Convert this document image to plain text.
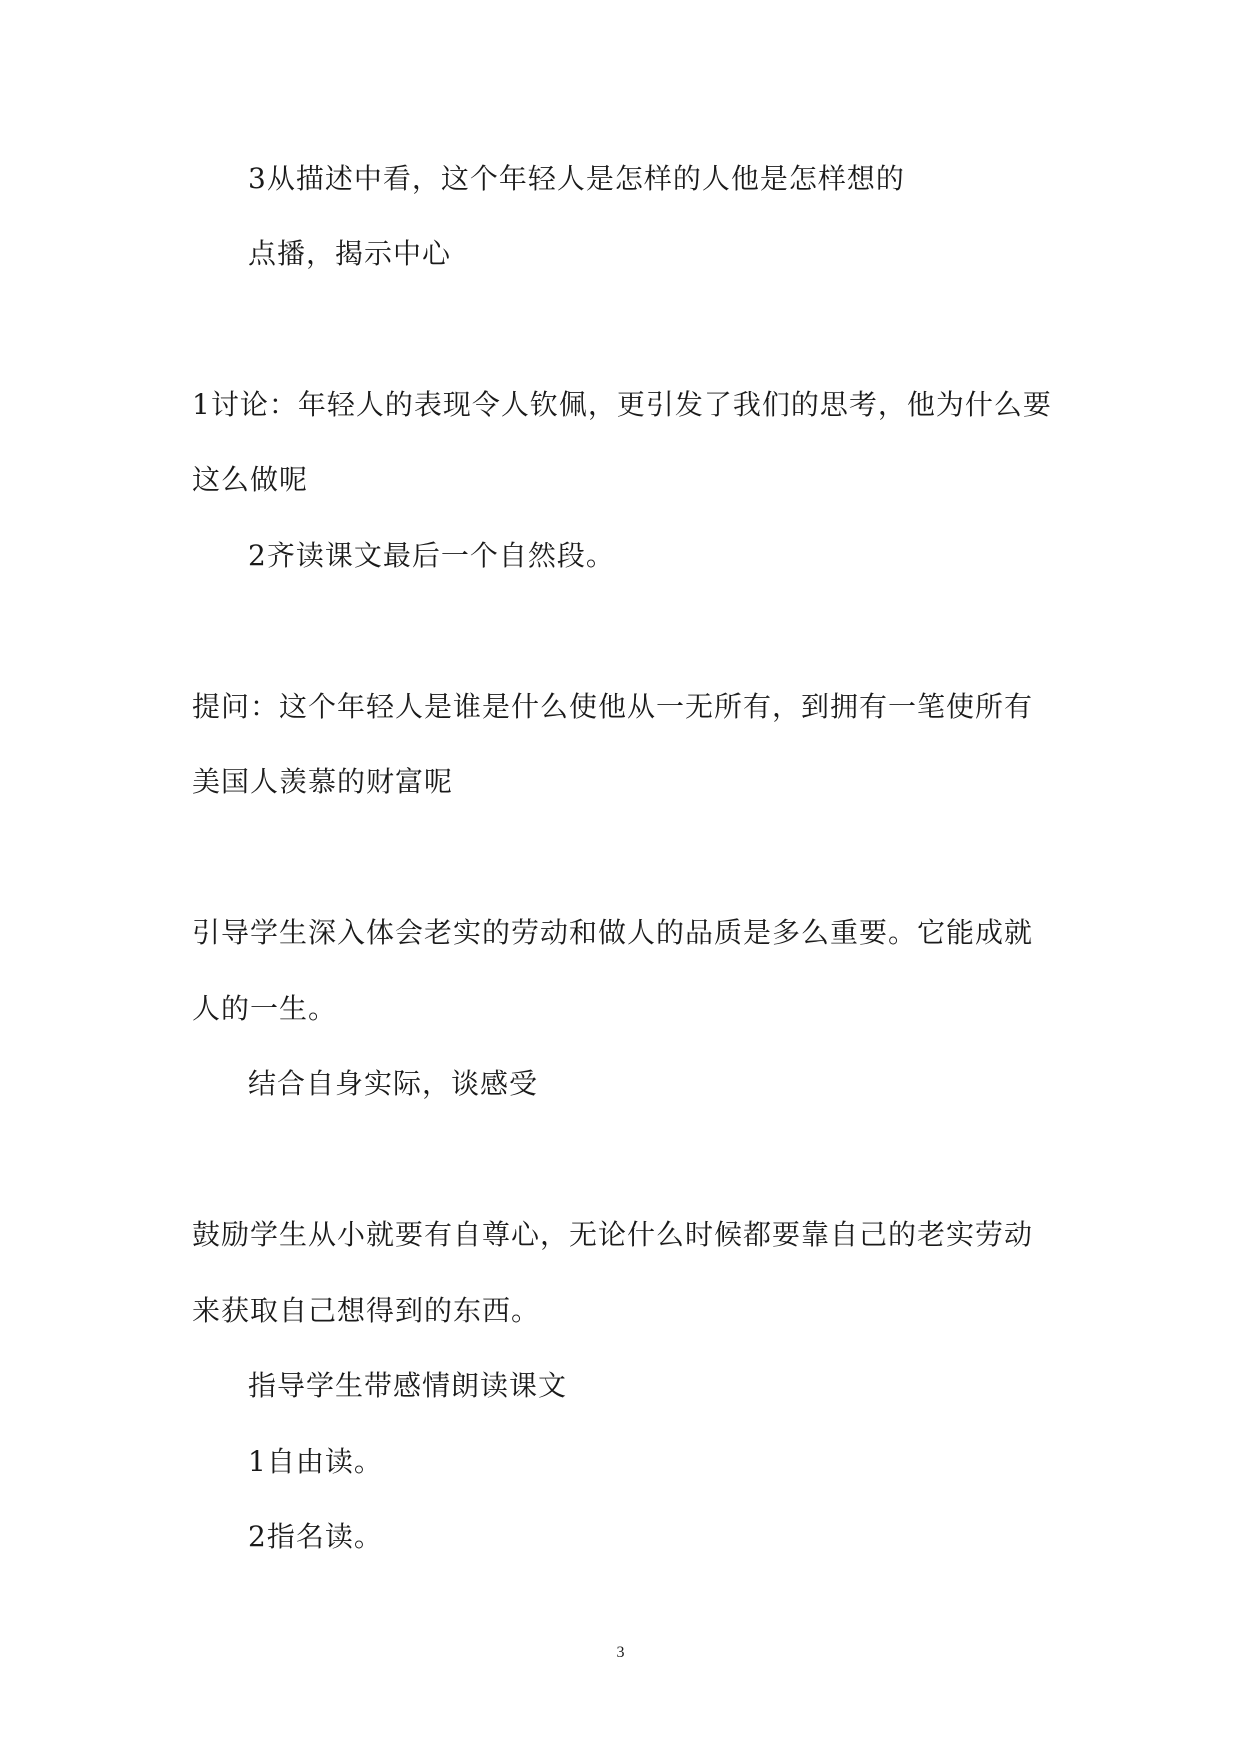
3从描述中看，这个年轻人是怎样的人他是怎样想的
点播，揭示中心
1讨论：年轻人的表现令人钦佩，更引发了我们的思考，他为什么要
这么做呢
2齐读课文最后一个自然段。
提问：这个年轻人是谁是什么使他从一无所有，到拥有一笔使所有
美国人羡慕的财富呢
引导学生深入体会老实的劳动和做人的品质是多么重要。它能成就
人的一生。
结合自身实际，谈感受
鼓励学生从小就要有自尊心，无论什么时候都要靠自己的老实劳动
来获取自己想得到的东西。
指导学生带感情朗读课文
1自由读。
2指名读。
3
